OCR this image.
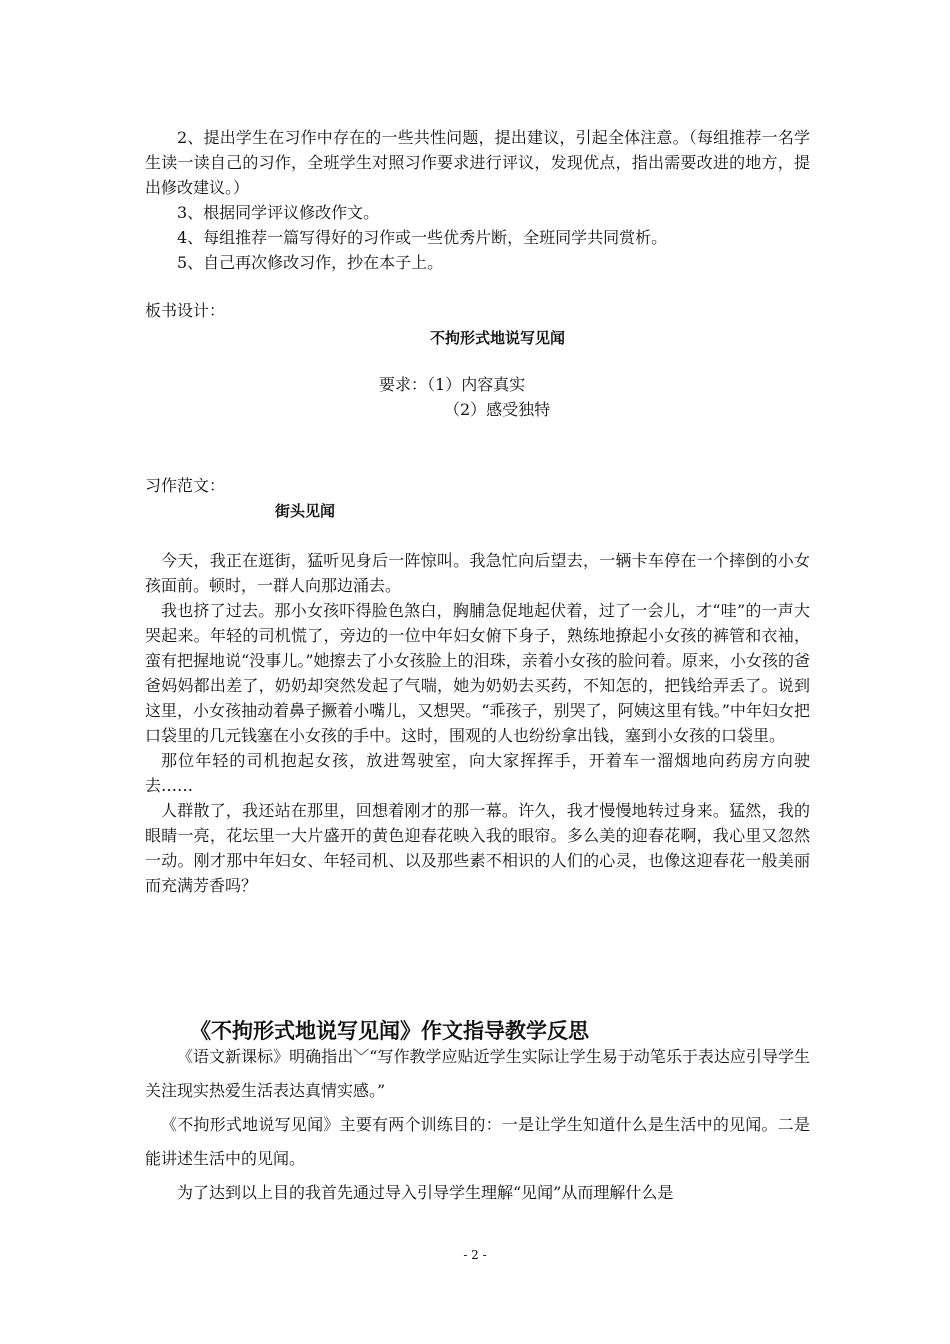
2、提出学生在习作中存在的一些共性问题，提出建议，引起全体注意。（每组推荐一名学生读一读自己的习作，全班学生对照习作要求进行评议，发现优点，指出需要改进的地方，提出修改建议。）

3、根据同学评议修改作文。

4、每组推荐一篇写得好的习作或一些优秀片断，全班同学共同赏析。

5、自己再次修改习作，抄在本子上。

板书设计：

不拘形式地说写见闻

要求：（1）内容真实

（2）感受独特

习作范文：

街头见闻

今天，我正在逛街，猛听见身后一阵惊叫。我急忙向后望去，一辆卡车停在一个摔倒的小女孩面前。顿时，一群人向那边涌去。

我也挤了过去。那小女孩吓得脸色煞白，胸脯急促地起伏着，过了一会儿，才“哇”的一声大哭起来。年轻的司机慌了，旁边的一位中年妇女俯下身子，熟练地撩起小女孩的裤管和衣袖，蛮有把握地说“没事儿。”她擦去了小女孩脸上的泪珠，亲着小女孩的脸问着。原来，小女孩的爸爸妈妈都出差了，奶奶却突然发起了气喘，她为奶奶去买药，不知怎的，把钱给弄丢了。说到这里，小女孩抽动着鼻子撅着小嘴儿，又想哭。“乖孩子，别哭了，阿姨这里有钱。”中年妇女把口袋里的几元钱塞在小女孩的手中。这时，围观的人也纷纷拿出钱，塞到小女孩的口袋里。

那位年轻的司机抱起女孩，放进驾驶室，向大家挥挥手，开着车一溜烟地向药房方向驶去……

人群散了，我还站在那里，回想着刚才的那一幕。许久，我才慢慢地转过身来。猛然，我的眼睛一亮，花坛里一大片盛开的黄色迎春花映入我的眼帘。多么美的迎春花啊，我心里又忽然一动。刚才那中年妇女、年轻司机、以及那些素不相识的人们的心灵，也像这迎春花一般美丽而充满芳香吗？

《不拘形式地说写见闻》作文指导教学反思

《语文新课标》明确指出﹀“写作教学应贴近学生实际让学生易于动笔乐于表达应引导学生关注现实热爱生活表达真情实感。”

《不拘形式地说写见闻》主要有两个训练目的：一是让学生知道什么是生活中的见闻。二是能讲述生活中的见闻。

为了达到以上目的我首先通过导入引导学生理解“见闻”从而理解什么是

- 2 -
